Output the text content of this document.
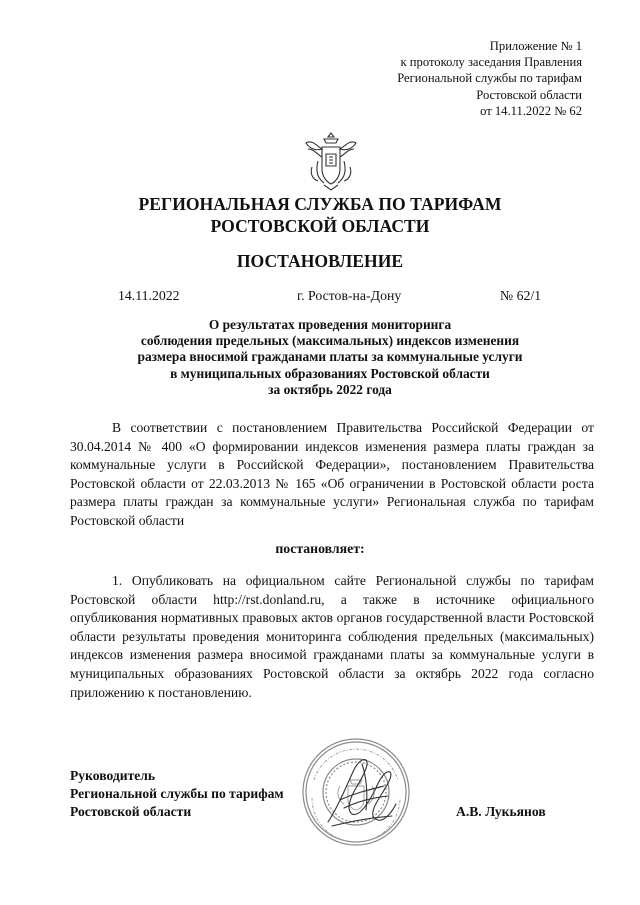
Приложение № 1
к протоколу заседания Правления
Региональной службы по тарифам
Ростовской области
от 14.11.2022 № 62
РЕГИОНАЛЬНАЯ СЛУЖБА ПО ТАРИФАМ
РОСТОВСКОЙ ОБЛАСТИ
ПОСТАНОВЛЕНИЕ
14.11.2022	г. Ростов-на-Дону	№ 62/1
О результатах проведения мониторинга
соблюдения предельных (максимальных) индексов изменения
размера вносимой гражданами платы за коммунальные услуги
в муниципальных образованиях Ростовской области
за октябрь 2022 года
В соответствии с постановлением Правительства Российской Федерации от 30.04.2014 № 400 «О формировании индексов изменения размера платы граждан за коммунальные услуги в Российской Федерации», постановлением Правительства Ростовской области от 22.03.2013 № 165 «Об ограничении в Ростовской области роста размера платы граждан за коммунальные услуги» Региональная служба по тарифам Ростовской области
постановляет:
1. Опубликовать на официальном сайте Региональной службы по тарифам Ростовской области http://rst.donland.ru, а также в источнике официального опубликования нормативных правовых актов органов государственной власти Ростовской области результаты проведения мониторинга соблюдения предельных (максимальных) индексов изменения размера вносимой гражданами платы за коммунальные услуги в муниципальных образованиях Ростовской области за октябрь 2022 года согласно приложению к постановлению.
Руководитель
Региональной службы по тарифам
Ростовской области	А.В. Лукьянов
